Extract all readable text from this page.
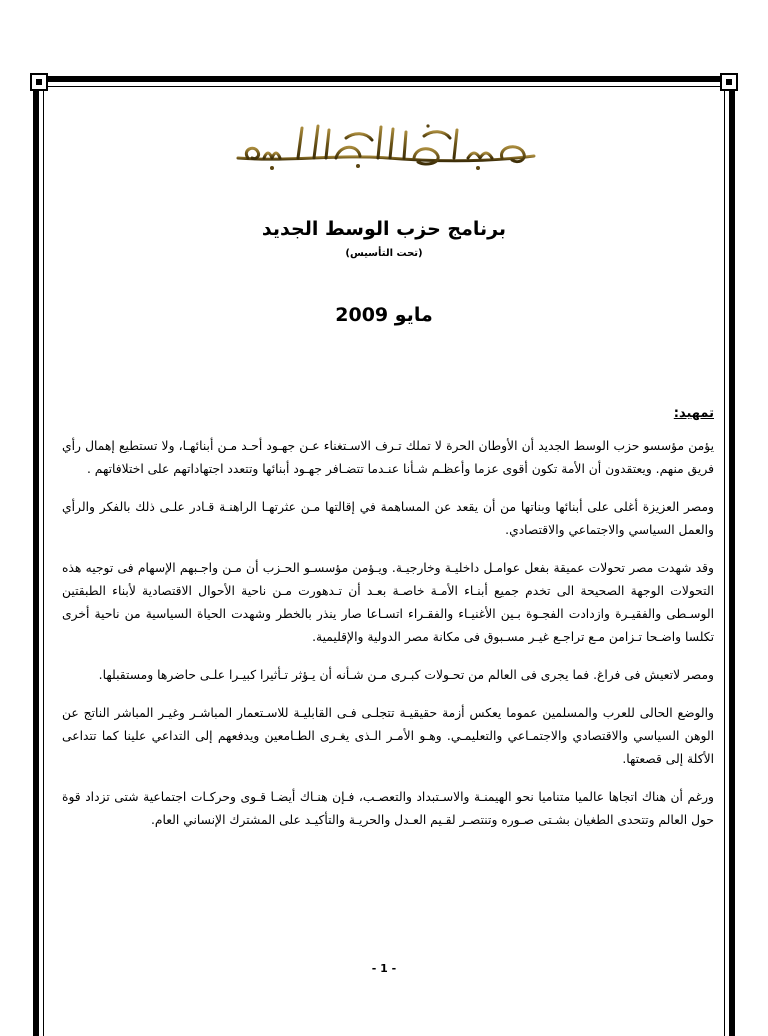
برنامج حزب الوسط الجديد
(تحت التأسيس)
مايو 2009

تمهيد:

يؤمن مؤسسو حزب الوسط الجديد أن الأوطان الحرة لا تملك تـرف الاسـتغناء عـن جهـود أحـد مـن أبنائهـا، ولا تستطيع إهمال رأي فريق منهم. ويعتقدون أن الأمة تكون أقوى عزما وأعظـم شـأنا عنـدما تتضـافر جهـود أبنائها وتتعدد اجتهاداتهم على اختلافاتهم .

ومصر العزيزة أغلى على أبنائها وبناتها من أن يقعد عن المساهمة في إقالتها مـن عثرتهـا الراهنـة قـادر علـى ذلك بالفكر والرأي والعمل السياسي والاجتماعي والاقتصادي.

وقد شهدت مصر تحولات عميقة بفعل عوامـل داخليـة وخارجيـة. ويـؤمن مؤسسـو الحـزب أن مـن واجـبهم الإسهام فى توجيه هذه التحولات الوجهة الصحيحة الى تخدم جميع أبنـاء الأمـة خاصـة بعـد أن تـدهورت مـن ناحية الأحوال الاقتصادية لأبناء الطبقتين الوسـطى والفقيـرة وازدادت الفجـوة بـين الأغنيـاء والفقـراء اتسـاعا صار ينذر بالخطر وشهدت الحياة السياسية من ناحية أخرى تكلسا واضـحا تـزامن مـع تراجـع غيـر مسـبوق فى مكانة مصر الدولية والإقليمية.

ومصر لاتعيش فى فراغ. فما يجرى فى العالم من تحـولات كبـرى مـن شـأنه أن يـؤثر تـأثيرا كبيـرا علـى حاضرها ومستقبلها.

والوضع الحالى للعرب والمسلمين عموما يعكس أزمة حقيقيـة تتجلـى فـى القابليـة للاسـتعمار المباشـر وغيـر المباشر الناتج عن الوهن السياسي والاقتصادي والاجتمـاعي والتعليمـي. وهـو الأمـر الـذى يغـرى الطـامعين ويدفعهم إلى التداعي علينا كما تتداعى الأكلة إلى قصعتها.

ورغم أن هناك اتجاها عالميا متناميا نحو الهيمنـة والاسـتبداد والتعصـب، فـإن هنـاك أيضـا قـوى وحركـات اجتماعية شتى تزداد قوة حول العالم وتتحدى الطغيان بشـتى صـوره وتنتصـر لقـيم العـدل والحريـة والتأكيـد على المشترك الإنساني العام.

- 1 -
